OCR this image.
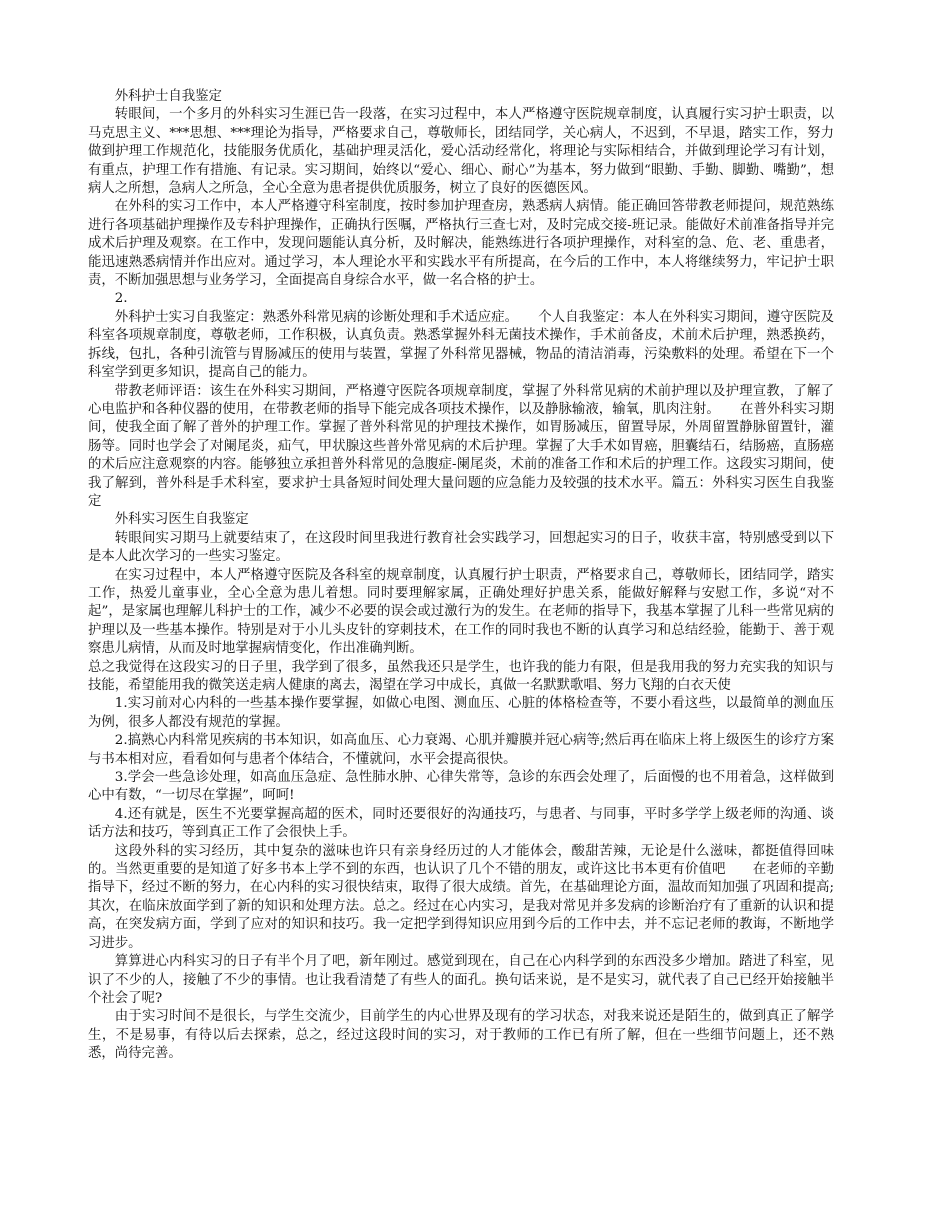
外科护士自我鉴定

转眼间，一个多月的外科实习生涯已告一段落，在实习过程中，本人严格遵守医院规章制度，认真履行实习护士职责，以马克思主义、***思想、***理论为指导，严格要求自己，尊敬师长，团结同学，关心病人，不迟到，不早退，踏实工作，努力做到护理工作规范化，技能服务优质化，基础护理灵活化，爱心活动经常化，将理论与实际相结合，并做到理论学习有计划，有重点，护理工作有措施、有记录。实习期间，始终以“爱心、细心、耐心”为基本，努力做到“眼勤、手勤、脚勤、嘴勤”，想病人之所想，急病人之所急，全心全意为患者提供优质服务，树立了良好的医德医风。

在外科的实习工作中，本人严格遵守科室制度，按时参加护理查房，熟悉病人病情。能正确回答带教老师提问，规范熟练进行各项基础护理操作及专科护理操作，正确执行医嘱，严格执行三查七对，及时完成交接-班记录。能做好术前准备指导并完成术后护理及观察。在工作中，发现问题能认真分析，及时解决，能熟练进行各项护理操作，对科室的急、危、老、重患者，能迅速熟悉病情并作出应对。通过学习，本人理论水平和实践水平有所提高，在今后的工作中，本人将继续努力，牢记护士职责，不断加强思想与业务学习，全面提高自身综合水平，做一名合格的护士。

2．

外科护士实习自我鉴定：熟悉外科常见病的诊断处理和手术适应症。　　个人自我鉴定：本人在外科实习期间，遵守医院及科室各项规章制度，尊敬老师，工作积极，认真负责。熟悉掌握外科无菌技术操作，手术前备皮，术前术后护理，熟悉换药，拆线，包扎，各种引流管与胃肠减压的使用与装置，掌握了外科常见器械，物品的清洁消毒，污染敷料的处理。希望在下一个科室学到更多知识，提高自己的能力。

带教老师评语：该生在外科实习期间，严格遵守医院各项规章制度，掌握了外科常见病的术前护理以及护理宣教，了解了心电监护和各种仪器的使用，在带教老师的指导下能完成各项技术操作，以及静脉输液，输氧，肌肉注射。　　在普外科实习期间，使我全面了解了普外的护理工作。掌握了普外科常见的护理技术操作，如胃肠减压，留置导尿，外周留置静脉留置针，灌肠等。同时也学会了对阑尾炎，疝气，甲状腺这些普外常见病的术后护理。掌握了大手术如胃癌，胆囊结石，结肠癌，直肠癌的术后应注意观察的内容。能够独立承担普外科常见的急腹症-阑尾炎，术前的准备工作和术后的护理工作。这段实习期间，使我了解到，普外科是手术科室，要求护士具备短时间处理大量问题的应急能力及较强的技术水平。篇五：外科实习医生自我鉴定

外科实习医生自我鉴定

转眼间实习期马上就要结束了，在这段时间里我进行教育社会实践学习，回想起实习的日子，收获丰富，特别感受到以下是本人此次学习的一些实习鉴定。

在实习过程中，本人严格遵守医院及各科室的规章制度，认真履行护士职责，严格要求自己，尊敬师长，团结同学，踏实工作，热爱儿童事业，全心全意为患儿着想。同时要理解家属，正确处理好护患关系，能做好解释与安慰工作，多说“对不起”，是家属也理解儿科护士的工作，减少不必要的误会或过激行为的发生。在老师的指导下，我基本掌握了儿科一些常见病的护理以及一些基本操作。特别是对于小儿头皮针的穿刺技术，在工作的同时我也不断的认真学习和总结经验，能勤于、善于观察患儿病情，从而及时地掌握病情变化，作出准确判断。

总之我觉得在这段实习的日子里，我学到了很多，虽然我还只是学生，也许我的能力有限，但是我用我的努力充实我的知识与技能，希望能用我的微笑送走病人健康的离去，渴望在学习中成长，真做一名默默歌唱、努力飞翔的白衣天使

1.实习前对心内科的一些基本操作要掌握，如做心电图、测血压、心脏的体格检查等，不要小看这些，以最简单的测血压为例，很多人都没有规范的掌握。

2.搞熟心内科常见疾病的书本知识，如高血压、心力衰竭、心肌并瓣膜并冠心病等;然后再在临床上将上级医生的诊疗方案与书本相对应，看看如何与患者个体结合，不懂就问，水平会提高很快。

3.学会一些急诊处理，如高血压急症、急性肺水肿、心律失常等，急诊的东西会处理了，后面慢的也不用着急，这样做到心中有数，“一切尽在掌握”，呵呵!

4.还有就是，医生不光要掌握高超的医术，同时还要很好的沟通技巧，与患者、与同事，平时多学学上级老师的沟通、谈话方法和技巧，等到真正工作了会很快上手。

这段外科的实习经历，其中复杂的滋味也许只有亲身经历过的人才能体会，酸甜苦辣，无论是什么滋味，都挺值得回味的。当然更重要的是知道了好多书本上学不到的东西，也认识了几个不错的朋友，或许这比书本更有价值吧　　在老师的辛勤指导下，经过不断的努力，在心内科的实习很快结束，取得了很大成绩。首先，在基础理论方面，温故而知加强了巩固和提高;其次，在临床放面学到了新的知识和处理方法。总之。经过在心内实习，是我对常见并多发病的诊断治疗有了重新的认识和提高，在突发病方面，学到了应对的知识和技巧。我一定把学到得知识应用到今后的工作中去，并不忘记老师的教诲，不断地学习进步。

算算进心内科实习的日子有半个月了吧，新年刚过。感觉到现在，自己在心内科学到的东西没多少增加。踏进了科室，见识了不少的人，接触了不少的事情。也让我看清楚了有些人的面孔。换句话来说，是不是实习，就代表了自己已经开始接触半个社会了呢?

由于实习时间不是很长，与学生交流少，目前学生的内心世界及现有的学习状态，对我来说还是陌生的，做到真正了解学生，不是易事，有待以后去探索，总之，经过这段时间的实习，对于教师的工作已有所了解，但在一些细节问题上，还不熟悉，尚待完善。
